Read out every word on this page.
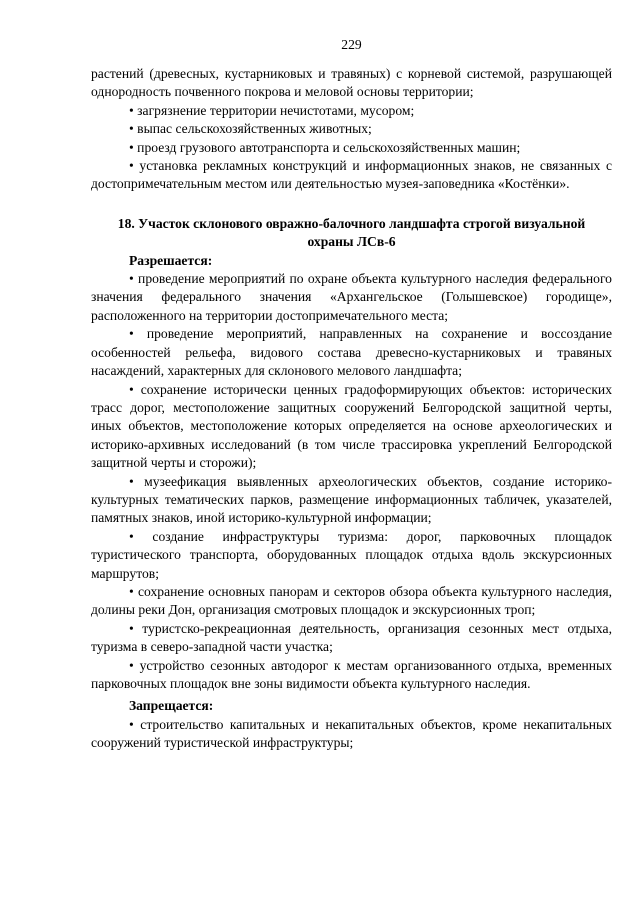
229

растений (древесных, кустарниковых и травяных) с корневой системой, разрушающей однородность почвенного покрова и меловой основы территории;

• загрязнение территории нечистотами, мусором;

• выпас сельскохозяйственных животных;

• проезд грузового автотранспорта и сельскохозяйственных машин;

• установка рекламных конструкций и информационных знаков, не связанных с достопримечательным местом или деятельностью музея-заповедника «Костёнки».

18. Участок склонового овражно-балочного ландшафта строгой визуальной охраны ЛСв-6

Разрешается:

• проведение мероприятий по охране объекта культурного наследия федерального значения федерального значения «Архангельское (Голышевское) городище», расположенного на территории достопримечательного места;

• проведение мероприятий, направленных на сохранение и воссоздание особенностей рельефа, видового состава древесно-кустарниковых и травяных насаждений, характерных для склонового мелового ландшафта;

• сохранение исторически ценных градоформирующих объектов: исторических трасс дорог, местоположение защитных сооружений Белгородской защитной черты, иных объектов, местоположение которых определяется на основе археологических и историко-архивных исследований (в том числе трассировка укреплений Белгородской защитной черты и сторожи);

• музеефикация выявленных археологических объектов, создание историко-культурных тематических парков, размещение информационных табличек, указателей, памятных знаков, иной историко-культурной информации;

• создание инфраструктуры туризма: дорог, парковочных площадок туристического транспорта, оборудованных площадок отдыха вдоль экскурсионных маршрутов;

• сохранение основных панорам и секторов обзора объекта культурного наследия, долины реки Дон, организация смотровых площадок и экскурсионных троп;

• туристско-рекреационная деятельность, организация сезонных мест отдыха, туризма в северо-западной части участка;

• устройство сезонных автодорог к местам организованного отдыха, временных парковочных площадок вне зоны видимости объекта культурного наследия.

Запрещается:

• строительство капитальных и некапитальных объектов, кроме некапитальных сооружений туристической инфраструктуры;
